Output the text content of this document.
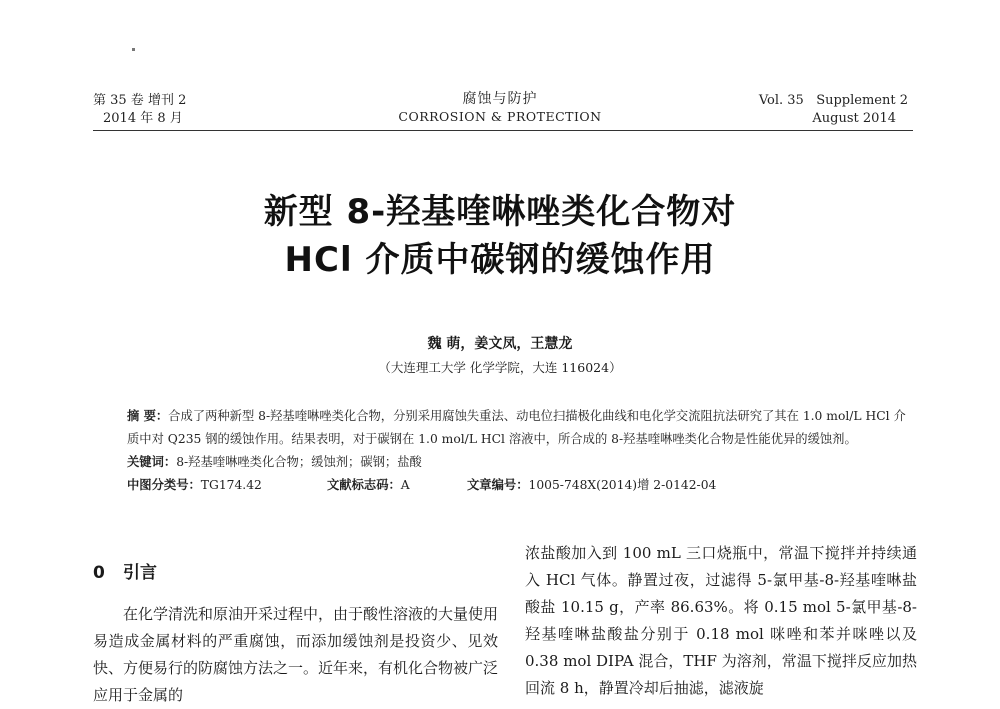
第 35 卷 增刊 2
2014 年 8 月
腐蚀与防护
CORROSION & PROTECTION
Vol. 35   Supplement 2
August 2014
新型 8-羟基喹啉唑类化合物对
HCl 介质中碳钢的缓蚀作用
魏 萌，姜文凤，王慧龙
（大连理工大学 化学学院，大连 116024）

摘 要：合成了两种新型 8-羟基喹啉唑类化合物，分别采用腐蚀失重法、动电位扫描极化曲线和电化学交流阻抗法研究了其在 1.0 mol/L HCl 介质中对 Q235 钢的缓蚀作用。结果表明，对于碳钢在 1.0 mol/L HCl 溶液中，所合成的 8-羟基喹啉唑类化合物是性能优异的缓蚀剂。

关键词：8-羟基喹啉唑类化合物；缓蚀剂；碳钢；盐酸

中图分类号：TG174.42	文献标志码：A	文章编号：1005-748X(2014)增 2-0142-04

0 引言

在化学清洗和原油开采过程中，由于酸性溶液的大量使用易造成金属材料的严重腐蚀，而添加缓蚀剂是投资少、见效快、方便易行的防腐蚀方法之一。近年来，有机化合物被广泛应用于金属的

浓盐酸加入到 100 mL 三口烧瓶中，常温下搅拌并持续通入 HCl 气体。静置过夜，过滤得 5-氯甲基-8-羟基喹啉盐酸盐 10.15 g，产率 86.63%。将 0.15 mol 5-氯甲基-8-羟基喹啉盐酸盐分别于 0.18 mol 咪唑和苯并咪唑以及 0.38 mol DIPA 混合，THF 为溶剂，常温下搅拌反应加热回流 8 h，静置冷却后抽滤，滤液旋
